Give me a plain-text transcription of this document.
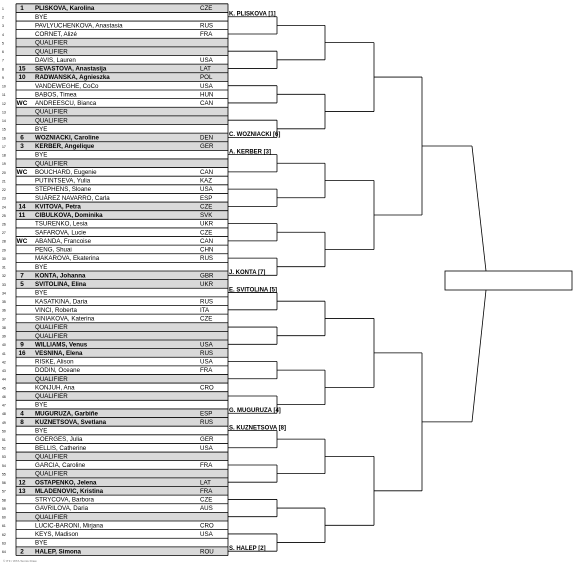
1	1 PLISKOVA, Karolina	CZE
2	BYE
3	PAVLYUCHENKOVA, Anastasia	RUS
4	CORNET, Alizé	FRA
5	QUALIFIER
6	QUALIFIER
7	DAVIS, Lauren	USA
8 15 SEVASTOVA, Anastasija	LAT
9 10 RADWANSKA, Agnieszka	POL
10	VANDEWEGHE, CoCo	USA
11	BABOS, Timea	HUN
12 WC ANDREESCU, Bianca	CAN
13	QUALIFIER
14	QUALIFIER
15	BYE
16 6 WOZNIACKI, Caroline	DEN
17 3 KERBER, Angelique	GER
18	BYE
19	QUALIFIER
20 WC BOUCHARD, Eugenie	CAN
21	PUTINTSEVA, Yulia	KAZ
22	STEPHENS, Sloane	USA
23	SUÁREZ NAVARRO, Carla	ESP
24 14 KVITOVA, Petra	CZE
25 11 CIBULKOVA, Dominika	SVK
26	TSURENKO, Lesia	UKR
27	SAFAROVA, Lucie	CZE
28 WC ABANDA, Francoise	CAN
29	PENG, Shuai	CHN
30	MAKAROVA, Ekaterina	RUS
31	BYE
32 7 KONTA, Johanna	GBR
33 5 SVITOLINA, Elina	UKR
34	BYE
35	KASATKINA, Daria	RUS
36	VINCI, Roberta	ITA
37	SINIAKOVA, Katerina	CZE
38	QUALIFIER
39	QUALIFIER
40 9 WILLIAMS, Venus	USA
41 16 VESNINA, Elena	RUS
42	RISKE, Alison	USA
43	DODIN, Oceane	FRA
44	QUALIFIER
45	KONJUH, Ana	CRO
46	QUALIFIER
47	BYE
48 4 MUGURUZA, Garbiñe	ESP
49 8 KUZNETSOVA, Svetlana	RUS
50	BYE
51	GOERGES, Julia	GER
52	BELLIS, Catherine	USA
53	QUALIFIER
54	GARCIA, Caroline	FRA
55	QUALIFIER
56 12 OSTAPENKO, Jelena	LAT
57 13 MLADENOVIC, Kristina	FRA
58	STRYCOVA, Barbora	CZE
59	GAVRILOVA, Daria	AUS
60	QUALIFIER
61	LUCIC-BARONI, Mirjana	CRO
62	KEYS, Madison	USA
63	BYE
64 2 HALEP, Simona	ROU
K. PLISKOVA [1]
C. WOZNIACKI [6]
A. KERBER [3]
J. KONTA [7]
E. SVITOLINA [5]
G. MUGURUZA [4]
S. KUZNETSOVA [8]
S. HALEP [2]
© ITF / WTA Tennis Draw
